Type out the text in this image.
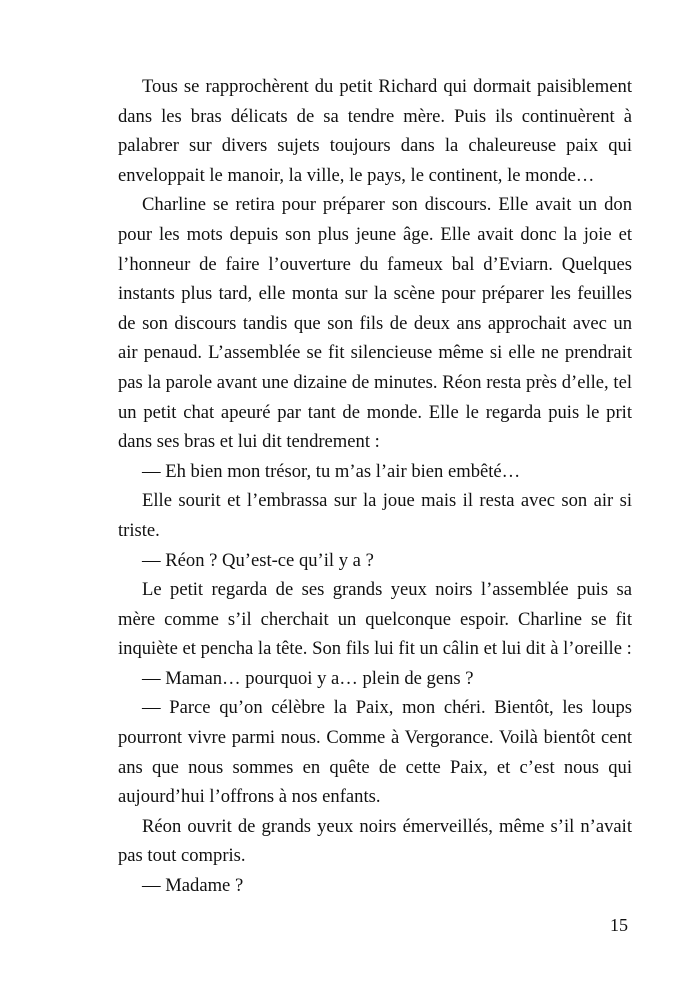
Tous se rapprochèrent du petit Richard qui dormait paisiblement dans les bras délicats de sa tendre mère. Puis ils continuèrent à palabrer sur divers sujets toujours dans la chaleureuse paix qui enveloppait le manoir, la ville, le pays, le continent, le monde…

Charline se retira pour préparer son discours. Elle avait un don pour les mots depuis son plus jeune âge. Elle avait donc la joie et l’honneur de faire l’ouverture du fameux bal d’Eviarn. Quelques instants plus tard, elle monta sur la scène pour préparer les feuilles de son discours tandis que son fils de deux ans approchait avec un air penaud. L’assemblée se fit silencieuse même si elle ne prendrait pas la parole avant une dizaine de minutes. Réon resta près d’elle, tel un petit chat apeuré par tant de monde. Elle le regarda puis le prit dans ses bras et lui dit tendrement :

— Eh bien mon trésor, tu m’as l’air bien embêté…

Elle sourit et l’embrassa sur la joue mais il resta avec son air si triste.

— Réon ? Qu’est-ce qu’il y a ?

Le petit regarda de ses grands yeux noirs l’assemblée puis sa mère comme s’il cherchait un quelconque espoir. Charline se fit inquiète et pencha la tête. Son fils lui fit un câlin et lui dit à l’oreille :

— Maman… pourquoi y a… plein de gens ?

— Parce qu’on célèbre la Paix, mon chéri. Bientôt, les loups pourront vivre parmi nous. Comme à Vergorance. Voilà bientôt cent ans que nous sommes en quête de cette Paix, et c’est nous qui aujourd’hui l’offrons à nos enfants.

Réon ouvrit de grands yeux noirs émerveillés, même s’il n’avait pas tout compris.

— Madame ?

15
